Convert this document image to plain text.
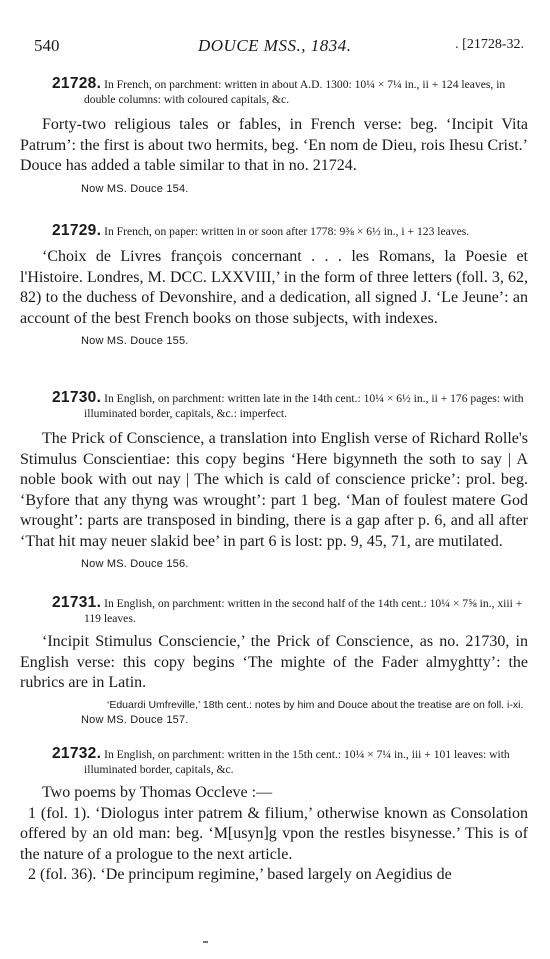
540	DOUCE MSS., 1834.	. [21728-32.
21728. In French, on parchment: written in about A.D. 1300: 10¼ × 7¼ in., ii + 124 leaves, in double columns: with coloured capitals, &c.
Forty-two religious tales or fables, in French verse: beg. ‘Incipit Vita Patrum’: the first is about two hermits, beg. ‘En nom de Dieu, rois Ihesu Crist.’ Douce has added a table similar to that in no. 21724.
Now MS. Douce 154.
21729. In French, on paper: written in or soon after 1778: 9⅜ × 6½ in., i + 123 leaves.
‘Choix de Livres françois concernant . . . les Romans, la Poesie et l'Histoire. Londres, M. DCC. LXXVIII,’ in the form of three letters (foll. 3, 62, 82) to the duchess of Devonshire, and a dedication, all signed J. ‘Le Jeune’: an account of the best French books on those subjects, with indexes.
Now MS. Douce 155.
21730. In English, on parchment: written late in the 14th cent.: 10¼ × 6½ in., ii + 176 pages: with illuminated border, capitals, &c.: imperfect.
The Prick of Conscience, a translation into English verse of Richard Rolle's Stimulus Conscientiae: this copy begins ‘Here bigynneth the soth to say | A noble book with out nay | The which is cald of conscience pricke’: prol. beg. ‘Byfore that any thyng was wrought’: part 1 beg. ‘Man of foulest matere God wrought’: parts are transposed in binding, there is a gap after p. 6, and all after ‘That hit may neuer slakid bee’ in part 6 is lost: pp. 9, 45, 71, are mutilated.
Now MS. Douce 156.
21731. In English, on parchment: written in the second half of the 14th cent.: 10¼ × 7⅝ in., xiii + 119 leaves.
‘Incipit Stimulus Consciencie,’ the Prick of Conscience, as no. 21730, in English verse: this copy begins ‘The mighte of the Fader almyghtty’: the rubrics are in Latin.
‘Eduardi Umfreville,’ 18th cent.: notes by him and Douce about the treatise are on foll. i-xi.
Now MS. Douce 157.
21732. In English, on parchment: written in the 15th cent.: 10¼ × 7¼ in., iii + 101 leaves: with illuminated border, capitals, &c.
Two poems by Thomas Occleve :—
1 (fol. 1). ‘Diologus inter patrem & filium,’ otherwise known as Consolation offered by an old man: beg. ‘M[usyn]g vpon the restles bisynesse.’ This is of the nature of a prologue to the next article.
2 (fol. 36). ‘De principum regimine,’ based largely on Aegidius de
